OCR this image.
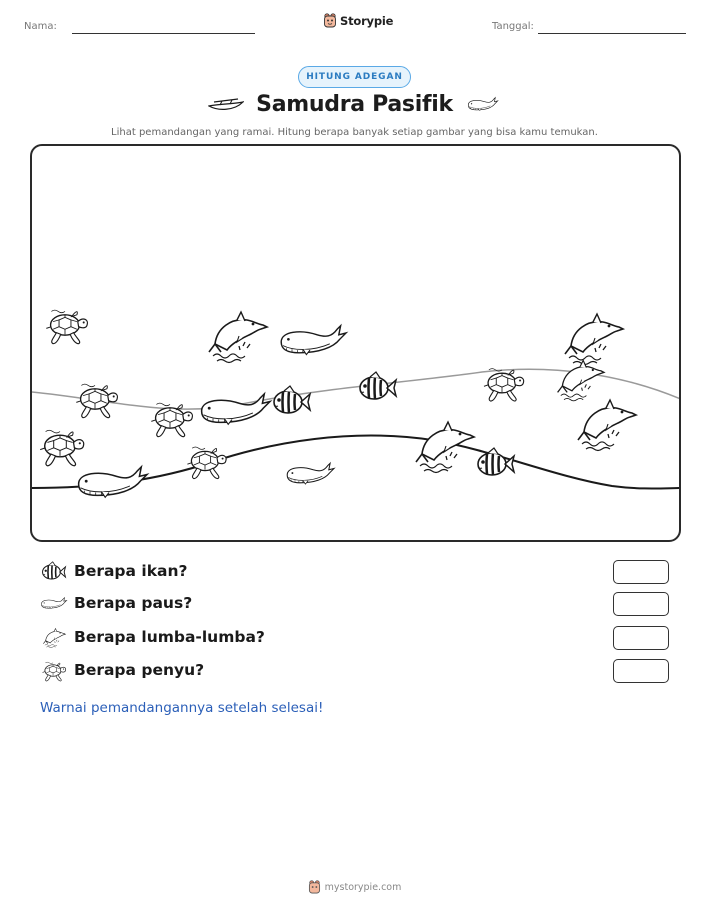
Nama:	Storypie	Tanggal:
HITUNG ADEGAN
Samudra Pasifik
Lihat pemandangan yang ramai. Hitung berapa banyak setiap gambar yang bisa kamu temukan.
Berapa ikan?
Berapa paus?
Berapa lumba-lumba?
Berapa penyu?
Warnai pemandangannya setelah selesai!
mystorypie.com
